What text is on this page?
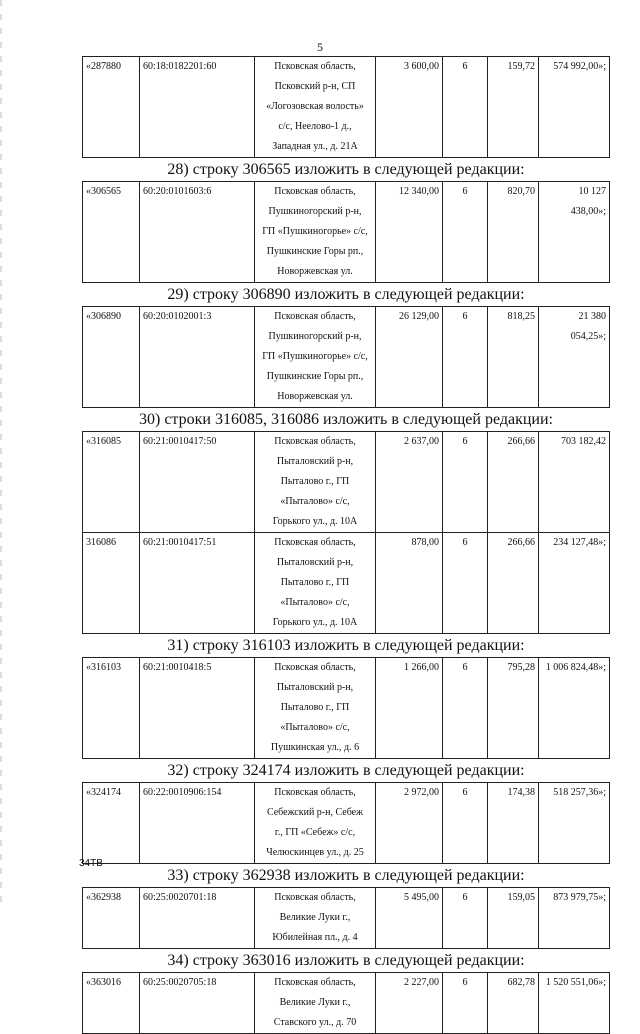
5
«287880	60:18:0182201:60	Псковская область,
Псковский р-н, СП
«Логозовская волость»
с/с, Неелово-1 д.,
Западная ул., д. 21А
	3 600,00	6	159,72	574 992,00»;
28) строку 306565 изложить в следующей редакции:
«306565	60:20:0101603:6	Псковская область,
Пушкиногорский р-н,
ГП «Пушкиногорье» с/с,
Пушкинские Горы рп.,
Новоржевская ул.
	12 340,00	6	820,70	10 127 438,00»;
29) строку 306890 изложить в следующей редакции:
«306890	60:20:0102001:3	Псковская область,
Пушкиногорский р-н,
ГП «Пушкиногорье» с/с,
Пушкинские Горы рп.,
Новоржевская ул.
	26 129,00	6	818,25	21 380 054,25»;
30) строки 316085, 316086 изложить в следующей редакции:
«316085	60:21:0010417:50	Псковская область,
Пыталовский р-н,
Пыталово г., ГП
«Пыталово» с/с,
Горького ул., д. 10А	2 637,00	6	266,66	703 182,42
316086	60:21:0010417:51	Псковская область,
Пыталовский р-н,
Пыталово г., ГП
«Пыталово» с/с,
Горького ул., д. 10А	878,00	6	266,66	234 127,48»;
31) строку 316103 изложить в следующей редакции:
«316103	60:21:0010418:5	Псковская область,
Пыталовский р-н,
Пыталово г., ГП
«Пыталово» с/с,
Пушкинская ул., д. 6
	1 266,00	6	795,28	1 006 824,48»;
32) строку 324174 изложить в следующей редакции:
«324174	60:22:0010906:154	Псковская область,
Себежский р-н, Себеж
г., ГП «Себеж» с/с,
Челюскинцев ул., д. 25
	2 972,00	6	174,38	518 257,36»;
33) строку 362938 изложить в следующей редакции:
«362938	60:25:0020701:18	Псковская область,
Великие Луки г.,
Юбилейная пл., д. 4
	5 495,00	6	159,05	873 979,75»;
34) строку 363016 изложить в следующей редакции:
«363016	60:25:0020705:18	Псковская область,
Великие Луки г.,
Ставского ул., д. 70
	2 227,00	6	682,78	1 520 551,06»;
34ТВ
